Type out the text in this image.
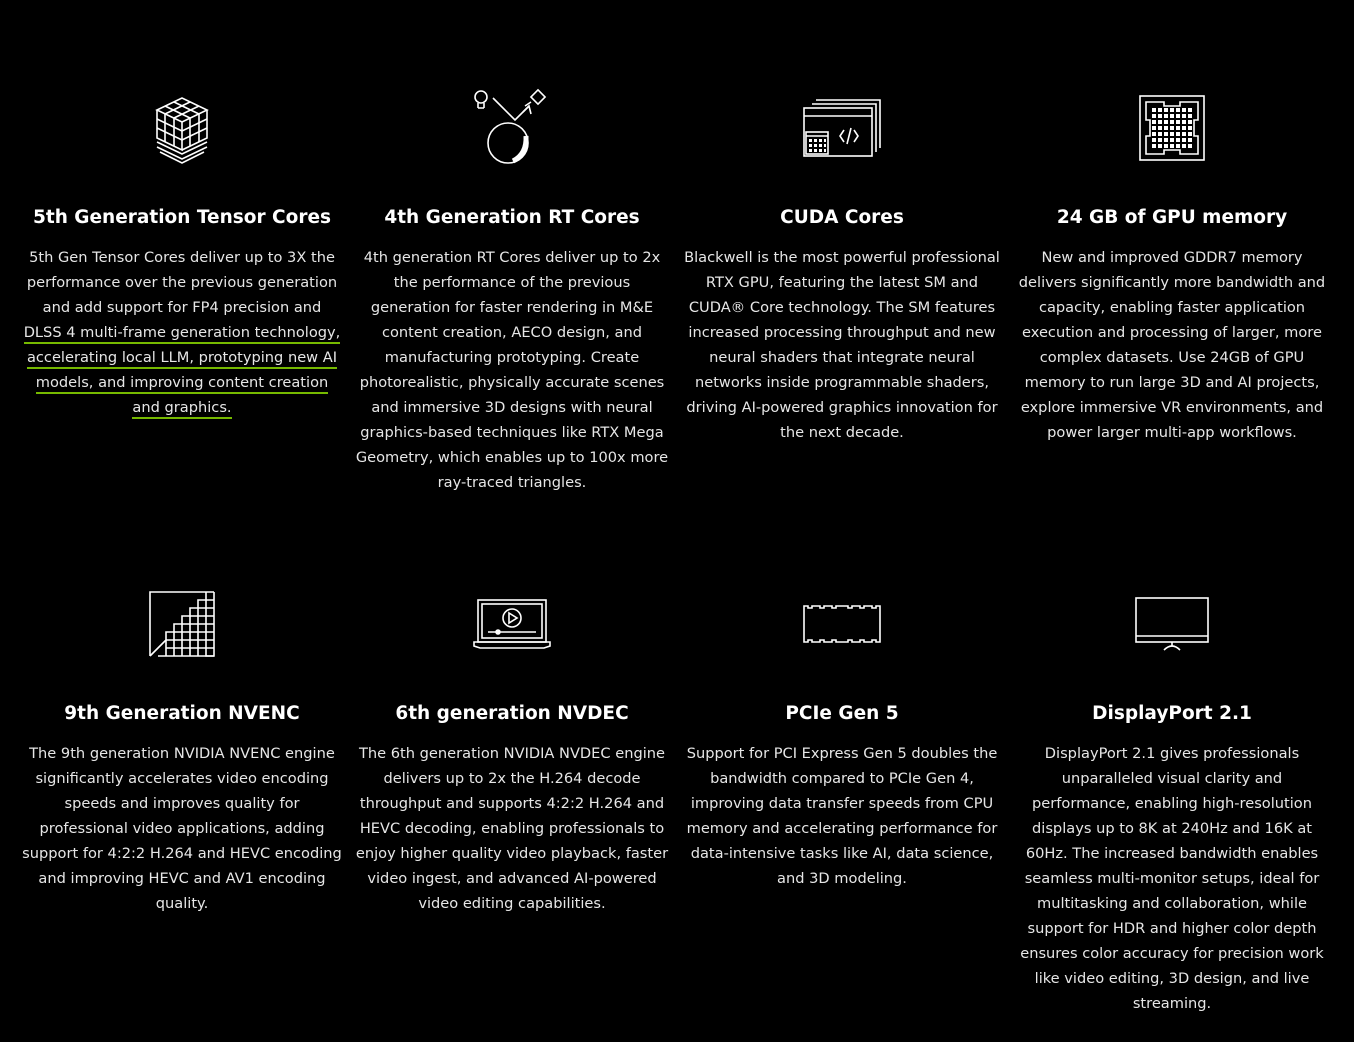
5th Generation Tensor Cores
5th Gen Tensor Cores deliver up to 3X the performance over the previous generation and add support for FP4 precision and DLSS 4 multi-frame generation technology, accelerating local LLM, prototyping new AI models, and improving content creation and graphics.
4th Generation RT Cores
4th generation RT Cores deliver up to 2x the performance of the previous generation for faster rendering in M&E content creation, AECO design, and manufacturing prototyping. Create photorealistic, physically accurate scenes and immersive 3D designs with neural graphics-based techniques like RTX Mega Geometry, which enables up to 100x more ray-traced triangles.
CUDA Cores
Blackwell is the most powerful professional RTX GPU, featuring the latest SM and CUDA® Core technology. The SM features increased processing throughput and new neural shaders that integrate neural networks inside programmable shaders, driving AI-powered graphics innovation for the next decade.
24 GB of GPU memory
New and improved GDDR7 memory delivers significantly more bandwidth and capacity, enabling faster application execution and processing of larger, more complex datasets. Use 24GB of GPU memory to run large 3D and AI projects, explore immersive VR environments, and power larger multi-app workflows.
9th Generation NVENC
The 9th generation NVIDIA NVENC engine significantly accelerates video encoding speeds and improves quality for professional video applications, adding support for 4:2:2 H.264 and HEVC encoding and improving HEVC and AV1 encoding quality.
6th generation NVDEC
The 6th generation NVIDIA NVDEC engine delivers up to 2x the H.264 decode throughput and supports 4:2:2 H.264 and HEVC decoding, enabling professionals to enjoy higher quality video playback, faster video ingest, and advanced AI-powered video editing capabilities.
PCIe Gen 5
Support for PCI Express Gen 5 doubles the bandwidth compared to PCIe Gen 4, improving data transfer speeds from CPU memory and accelerating performance for data-intensive tasks like AI, data science, and 3D modeling.
DisplayPort 2.1
DisplayPort 2.1 gives professionals unparalleled visual clarity and performance, enabling high-resolution displays up to 8K at 240Hz and 16K at 60Hz. The increased bandwidth enables seamless multi-monitor setups, ideal for multitasking and collaboration, while support for HDR and higher color depth ensures color accuracy for precision work like video editing, 3D design, and live streaming.
